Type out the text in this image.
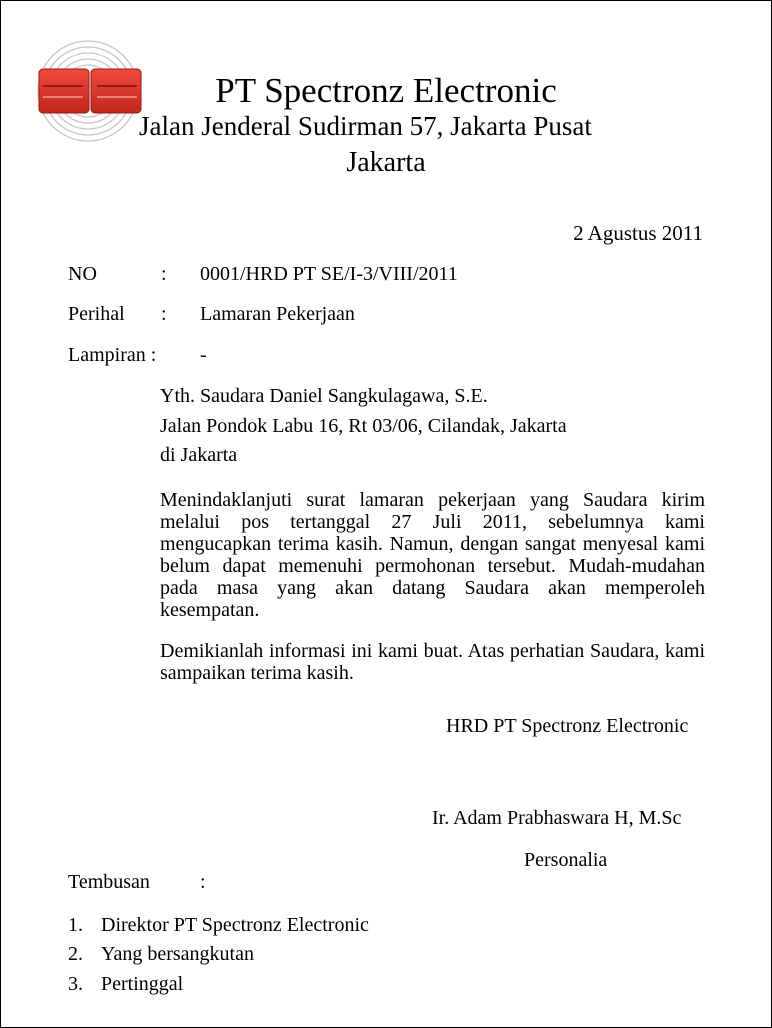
PT Spectronz Electronic
Jalan Jenderal Sudirman 57, Jakarta Pusat
Jakarta
2 Agustus 2011
NO	: 0001/HRD PT SE/I-3/VIII/2011
Perihal : Lamaran Pekerjaan
Lampiran : -
Yth. Saudara Daniel Sangkulagawa, S.E.
Jalan Pondok Labu 16, Rt 03/06, Cilandak, Jakarta
di Jakarta

Menindaklanjuti surat lamaran pekerjaan yang Saudara kirim melalui pos tertanggal 27 Juli 2011, sebelumnya kami mengucapkan terima kasih. Namun, dengan sangat menyesal kami belum dapat memenuhi permohonan tersebut. Mudah-mudahan pada masa yang akan datang Saudara akan memperoleh kesempatan.

Demikianlah informasi ini kami buat. Atas perhatian Saudara, kami sampaikan terima kasih.

HRD PT Spectronz Electronic
Ir. Adam Prabhaswara H, M.Sc
Personalia
Tembusan	:
1. Direktor PT Spectronz Electronic
2. Yang bersangkutan
3. Pertinggal
